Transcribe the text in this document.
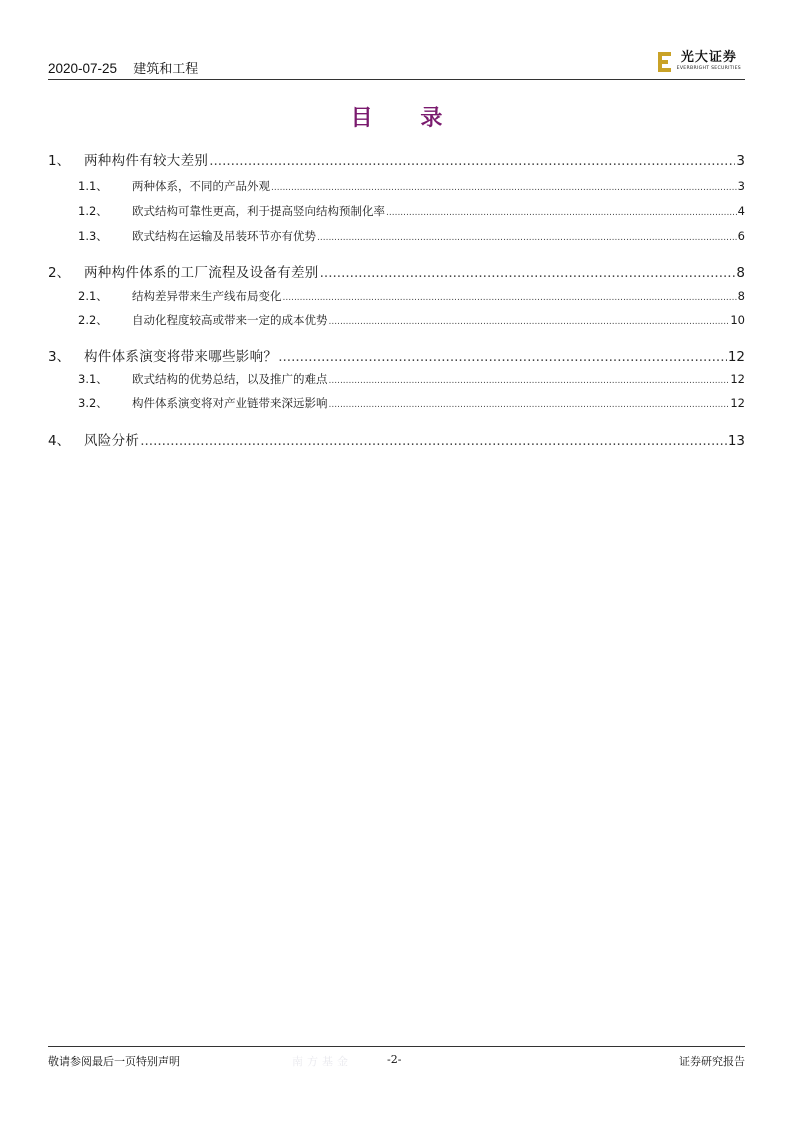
2020-07-25 建筑和工程
光大证券
EVERBRIGHT SECURITIES
目 录
1、	两种构件有较大差别 .....	3
1.1、	两种体系，不同的产品外观 .....	3
1.2、	欧式结构可靠性更高，利于提高竖向结构预制化率 .....	4
1.3、	欧式结构在运输及吊装环节亦有优势 .....	6
2、	两种构件体系的工厂流程及设备有差别 .....	8
2.1、	结构差异带来生产线布局变化 .....	8
2.2、	自动化程度较高或带来一定的成本优势 .....	10
3、	构件体系演变将带来哪些影响？ .....	12
3.1、	欧式结构的优势总结，以及推广的难点 .....	12
3.2、	构件体系演变将对产业链带来深远影响 .....	12
4、	风险分析 .....	13
敬请参阅最后一页特别声明	南方基金	-2-	证券研究报告
